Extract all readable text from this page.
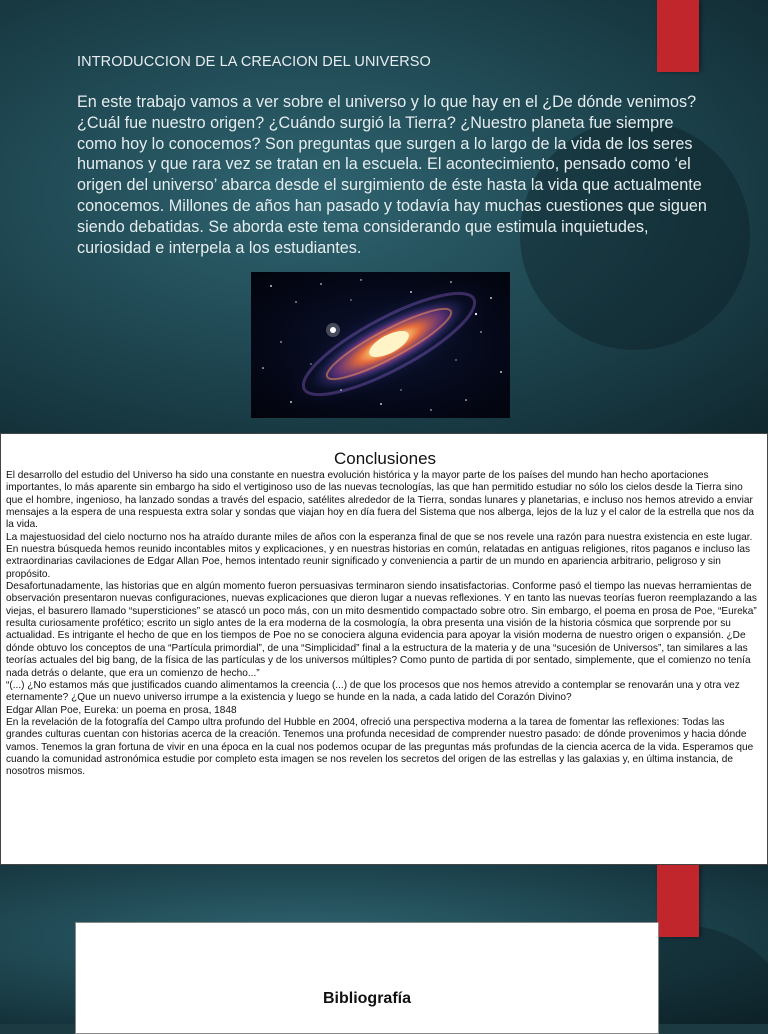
INTRODUCCION DE LA CREACION DEL UNIVERSO
En este trabajo vamos a ver sobre el universo y lo que hay en el ¿De dónde venimos? ¿Cuál fue nuestro origen? ¿Cuándo surgió la Tierra? ¿Nuestro planeta fue siempre como hoy lo conocemos? Son preguntas que surgen a lo largo de la vida de los seres humanos y que rara vez se tratan en la escuela. El acontecimiento, pensado como ‘el origen del universo’ abarca desde el surgimiento de éste hasta la vida que actualmente conocemos. Millones de años han pasado y todavía hay muchas cuestiones que siguen siendo debatidas. Se aborda este tema considerando que estimula inquietudes, curiosidad e interpela a los estudiantes.
Conclusiones

El desarrollo del estudio del Universo ha sido una constante en nuestra evolución histórica y la mayor parte de los países del mundo han hecho aportaciones importantes, lo más aparente sin embargo ha sido el vertiginoso uso de las nuevas tecnologías, las que han permitido estudiar no sólo los cielos desde la Tierra sino que el hombre, ingenioso, ha lanzado sondas a través del espacio, satélites alrededor de la Tierra, sondas lunares y planetarias, e incluso nos hemos atrevido a enviar mensajes a la espera de una respuesta extra solar y sondas que viajan hoy en día fuera del Sistema que nos alberga, lejos de la luz y el calor de la estrella que nos da la vida.

La majestuosidad del cielo nocturno nos ha atraído durante miles de años con la esperanza final de que se nos revele una razón para nuestra existencia en este lugar. En nuestra búsqueda hemos reunido incontables mitos y explicaciones, y en nuestras historias en común, relatadas en antiguas religiones, ritos paganos e incluso las extraordinarias cavilaciones de Edgar Allan Poe, hemos intentado reunir significado y conveniencia a partir de un mundo en apariencia arbitrario, peligroso y sin propósito.

Desafortunadamente, las historias que en algún momento fueron persuasivas terminaron siendo insatisfactorias. Conforme pasó el tiempo las nuevas herramientas de observación presentaron nuevas configuraciones, nuevas explicaciones que dieron lugar a nuevas reflexiones. Y en tanto las nuevas teorías fueron reemplazando a las viejas, el basurero llamado “supersticiones” se atascó un poco más, con un mito desmentido compactado sobre otro. Sin embargo, el poema en prosa de Poe, “Eureka” resulta curiosamente profético; escrito un siglo antes de la era moderna de la cosmología, la obra presenta una visión de la historia cósmica que sorprende por su actualidad. Es intrigante el hecho de que en los tiempos de Poe no se conociera alguna evidencia para apoyar la visión moderna de nuestro origen o expansión. ¿De dónde obtuvo los conceptos de una “Partícula primordial”, de una “Simplicidad” final a la estructura de la materia y de una “sucesión de Universos”, tan similares a las teorías actuales del big bang, de la física de las partículas y de los universos múltiples? Como punto de partida di por sentado, simplemente, que el comienzo no tenía nada detrás o delante, que era un comienzo de hecho...”

“(...) ¿No estamos más que justificados cuando alimentamos la creencia (...) de que los procesos que nos hemos atrevido a contemplar se renovarán una y otra vez eternamente? ¿Que un nuevo universo irrumpe a la existencia y luego se hunde en la nada, a cada latido del Corazón Divino?

Edgar Allan Poe, Eureka: un poema en prosa, 1848

En la revelación de la fotografía del Campo ultra profundo del Hubble en 2004, ofreció una perspectiva moderna a la tarea de fomentar las reflexiones: Todas las grandes culturas cuentan con historias acerca de la creación. Tenemos una profunda necesidad de comprender nuestro pasado: de dónde provenimos y hacia dónde vamos. Tenemos la gran fortuna de vivir en una época en la cual nos podemos ocupar de las preguntas más profundas de la ciencia acerca de la vida. Esperamos que cuando la comunidad astronómica estudie por completo esta imagen se nos revelen los secretos del origen de las estrellas y las galaxias y, en última instancia, de nosotros mismos.

Bibliografía
